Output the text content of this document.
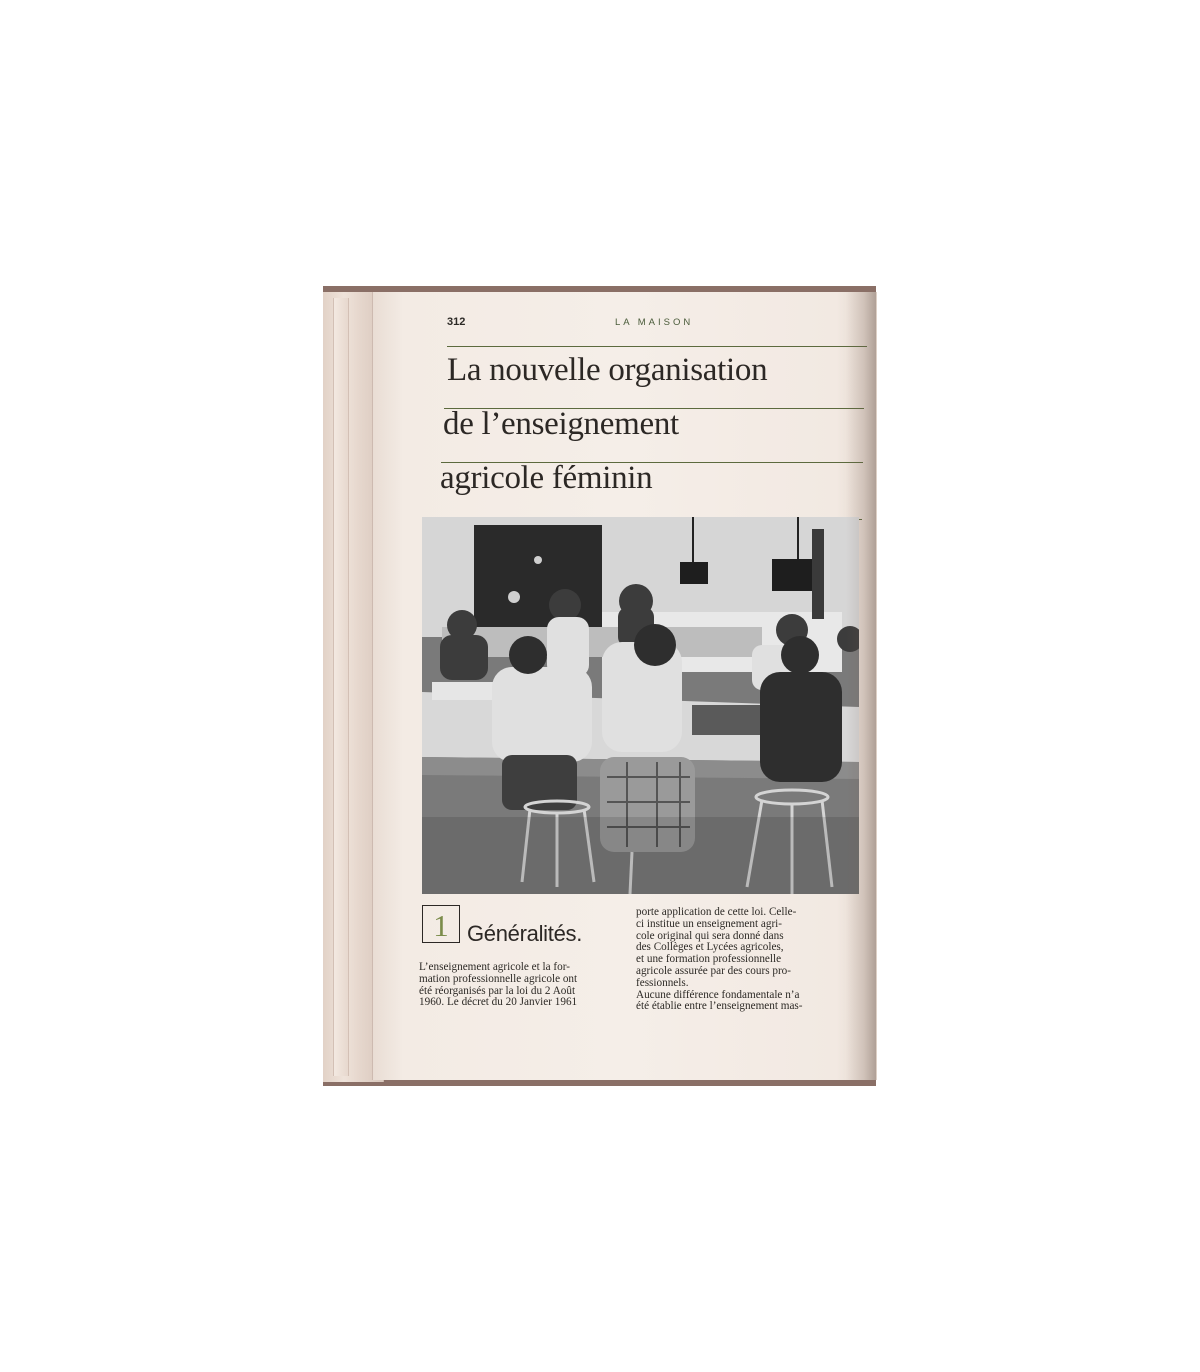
312	LA MAISON
La nouvelle organisation
de l’enseignement
agricole féminin
1 Généralités.

L’enseignement agricole et la for-

mation professionnelle agricole ont

été réorganisés par la loi du 2 Août

1960. Le décret du 20 Janvier 1961

porte application de cette loi. Celle-

ci institue un enseignement agri-

cole original qui sera donné dans

des Collèges et Lycées agricoles,

et une formation professionnelle

agricole assurée par des cours pro-

fessionnels.

Aucune différence fondamentale n’a

été établie entre l’enseignement mas-
